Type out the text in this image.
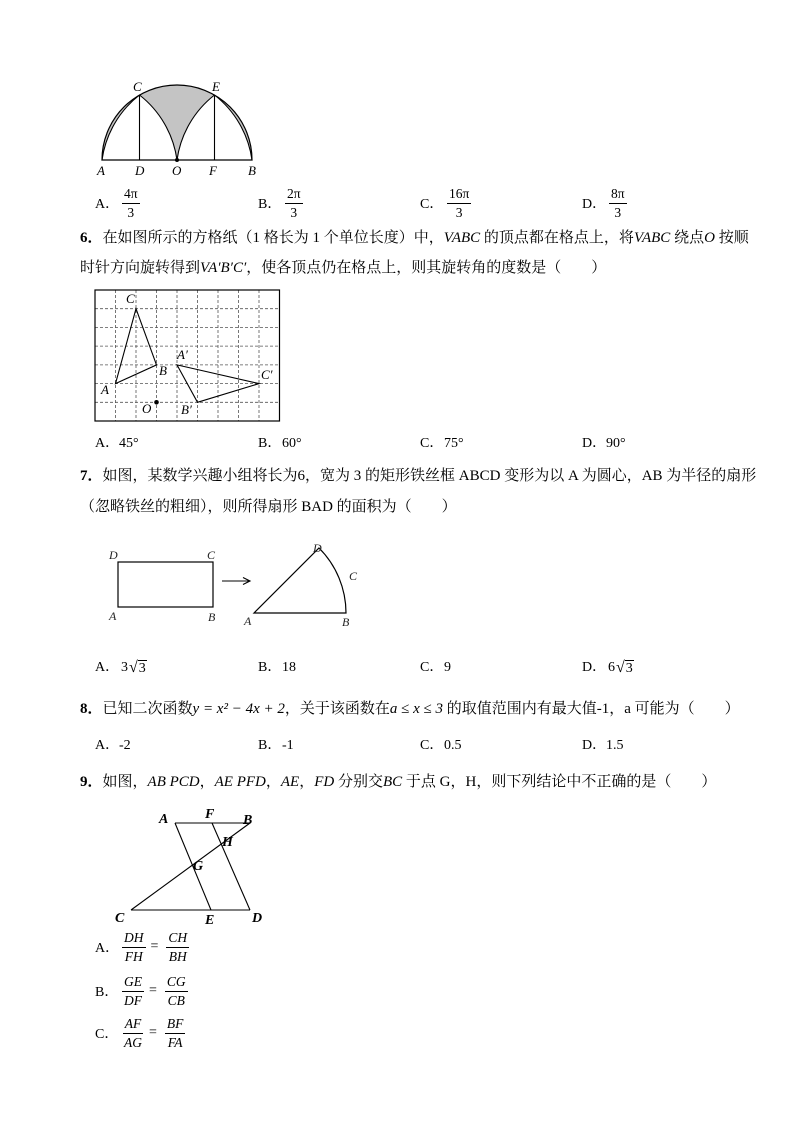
C	E
A D O F B
A． $\frac{4\pi}{3}$	B． $\frac{2\pi}{3}$	C． $\frac{16\pi}{3}$	D． $\frac{8\pi}{3}$
6．在如图所示的方格纸（1 格长为 1 个单位长度）中，VABC 的顶点都在格点上，将VABC 绕点O 按顺
时针方向旋转得到VA′B′C′，使各顶点仍在格点上，则其旋转角的度数是（　　）
C
A
B
O
A′
B′
C′
A． 45°	B． 60°	C． 75°	D． 90°
7．如图，某数学兴趣小组将长为6，宽为 3 的矩形铁丝框 ABCD 变形为以 A 为圆心，AB 为半径的扇形
（忽略铁丝的粗细），则所得扇形 BAD 的面积为（　　）
D	C
A	B
D
C
A	B
A． 3 √ 3	B． 18	C． 9	D． 6 √ 3
8．已知二次函数y = x² − 4x + 2，关于该函数在a ≤ x ≤ 3 的取值范围内有最大值-1，a 可能为（　　）
A． -2	B． -1	C． 0.5	D． 1.5
9．如图，AB PCD，AE PFD，AE，FD 分别交BC 于点 G，H，则下列结论中不正确的是（　　）
A	F B
H
G
C	E	D
A． $\frac{DH}{FH} = \frac{CH}{BH}$
B． $\frac{GE}{DF} = \frac{CG}{CB}$
C． $\frac{AF}{AG} = \frac{BF}{FA}$
